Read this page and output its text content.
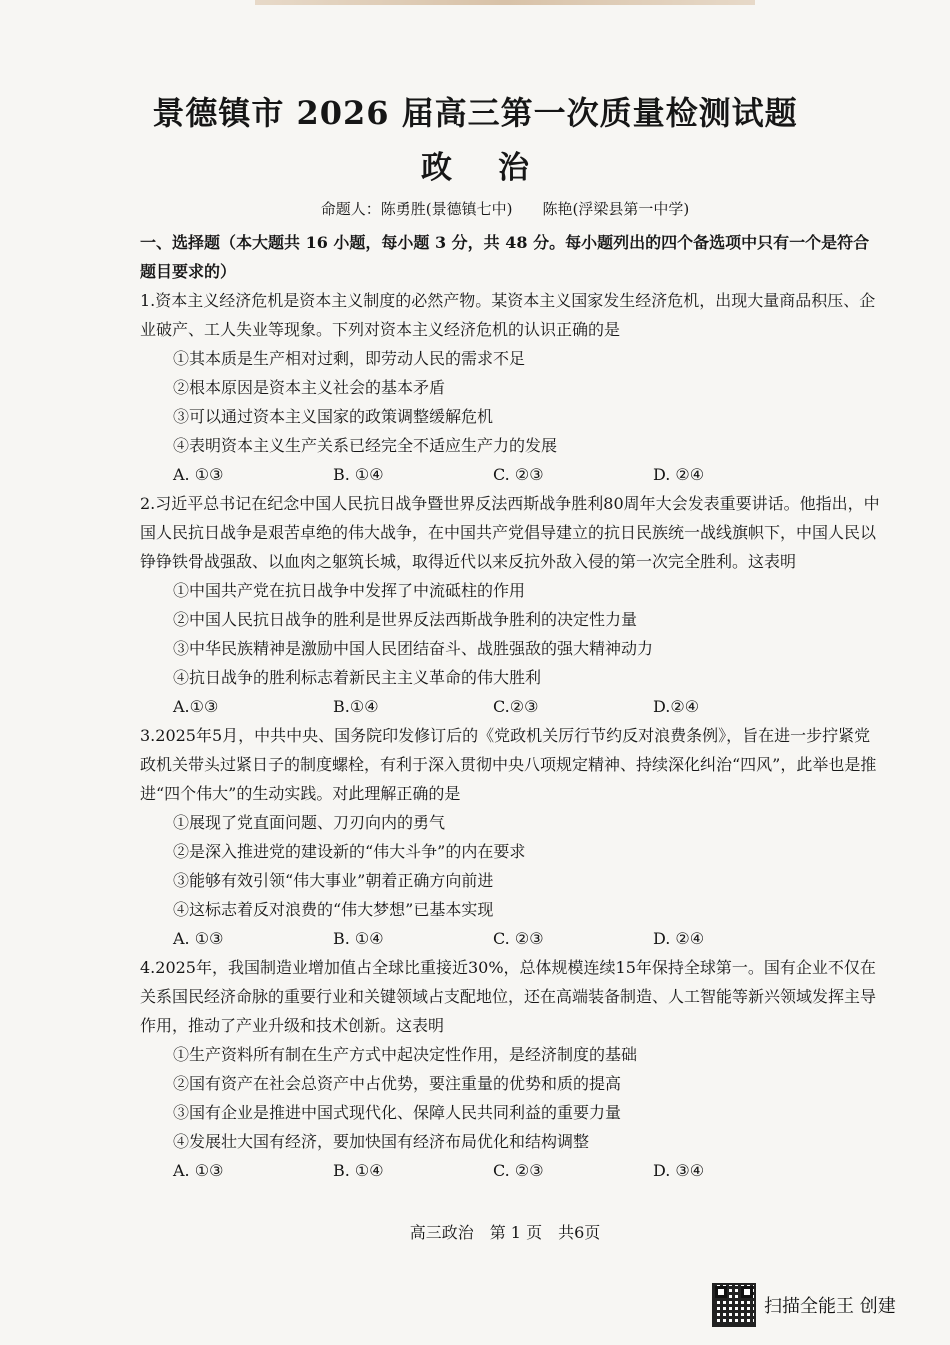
景德镇市 2026 届高三第一次质量检测试题
政治
命题人：陈勇胜(景德镇七中)　　陈艳(浮梁县第一中学)
一、选择题（本大题共 16 小题，每小题 3 分，共 48 分。每小题列出的四个备选项中只有一个是符合题目要求的）
1.资本主义经济危机是资本主义制度的必然产物。某资本主义国家发生经济危机，出现大量商品积压、企业破产、工人失业等现象。下列对资本主义经济危机的认识正确的是
①其本质是生产相对过剩，即劳动人民的需求不足
②根本原因是资本主义社会的基本矛盾
③可以通过资本主义国家的政策调整缓解危机
④表明资本主义生产关系已经完全不适应生产力的发展
A. ①③	B. ①④	C. ②③	D. ②④
2.习近平总书记在纪念中国人民抗日战争暨世界反法西斯战争胜利80周年大会发表重要讲话。他指出，中国人民抗日战争是艰苦卓绝的伟大战争，在中国共产党倡导建立的抗日民族统一战线旗帜下，中国人民以铮铮铁骨战强敌、以血肉之躯筑长城，取得近代以来反抗外敌入侵的第一次完全胜利。这表明
①中国共产党在抗日战争中发挥了中流砥柱的作用
②中国人民抗日战争的胜利是世界反法西斯战争胜利的决定性力量
③中华民族精神是激励中国人民团结奋斗、战胜强敌的强大精神动力
④抗日战争的胜利标志着新民主主义革命的伟大胜利
A.①③	B.①④	C.②③	D.②④
3.2025年5月，中共中央、国务院印发修订后的《党政机关厉行节约反对浪费条例》，旨在进一步拧紧党政机关带头过紧日子的制度螺栓，有利于深入贯彻中央八项规定精神、持续深化纠治“四风”，此举也是推进“四个伟大”的生动实践。对此理解正确的是
①展现了党直面问题、刀刃向内的勇气
②是深入推进党的建设新的“伟大斗争”的内在要求
③能够有效引领“伟大事业”朝着正确方向前进
④这标志着反对浪费的“伟大梦想”已基本实现
A. ①③	B. ①④	C. ②③	D. ②④
4.2025年，我国制造业增加值占全球比重接近30%，总体规模连续15年保持全球第一。国有企业不仅在关系国民经济命脉的重要行业和关键领域占支配地位，还在高端装备制造、人工智能等新兴领域发挥主导作用，推动了产业升级和技术创新。这表明
①生产资料所有制在生产方式中起决定性作用，是经济制度的基础
②国有资产在社会总资产中占优势，要注重量的优势和质的提高
③国有企业是推进中国式现代化、保障人民共同利益的重要力量
④发展壮大国有经济，要加快国有经济布局优化和结构调整
A. ①③	B. ①④	C. ②③	D. ③④
高三政治　第 1 页　共6页
扫描全能王 创建
